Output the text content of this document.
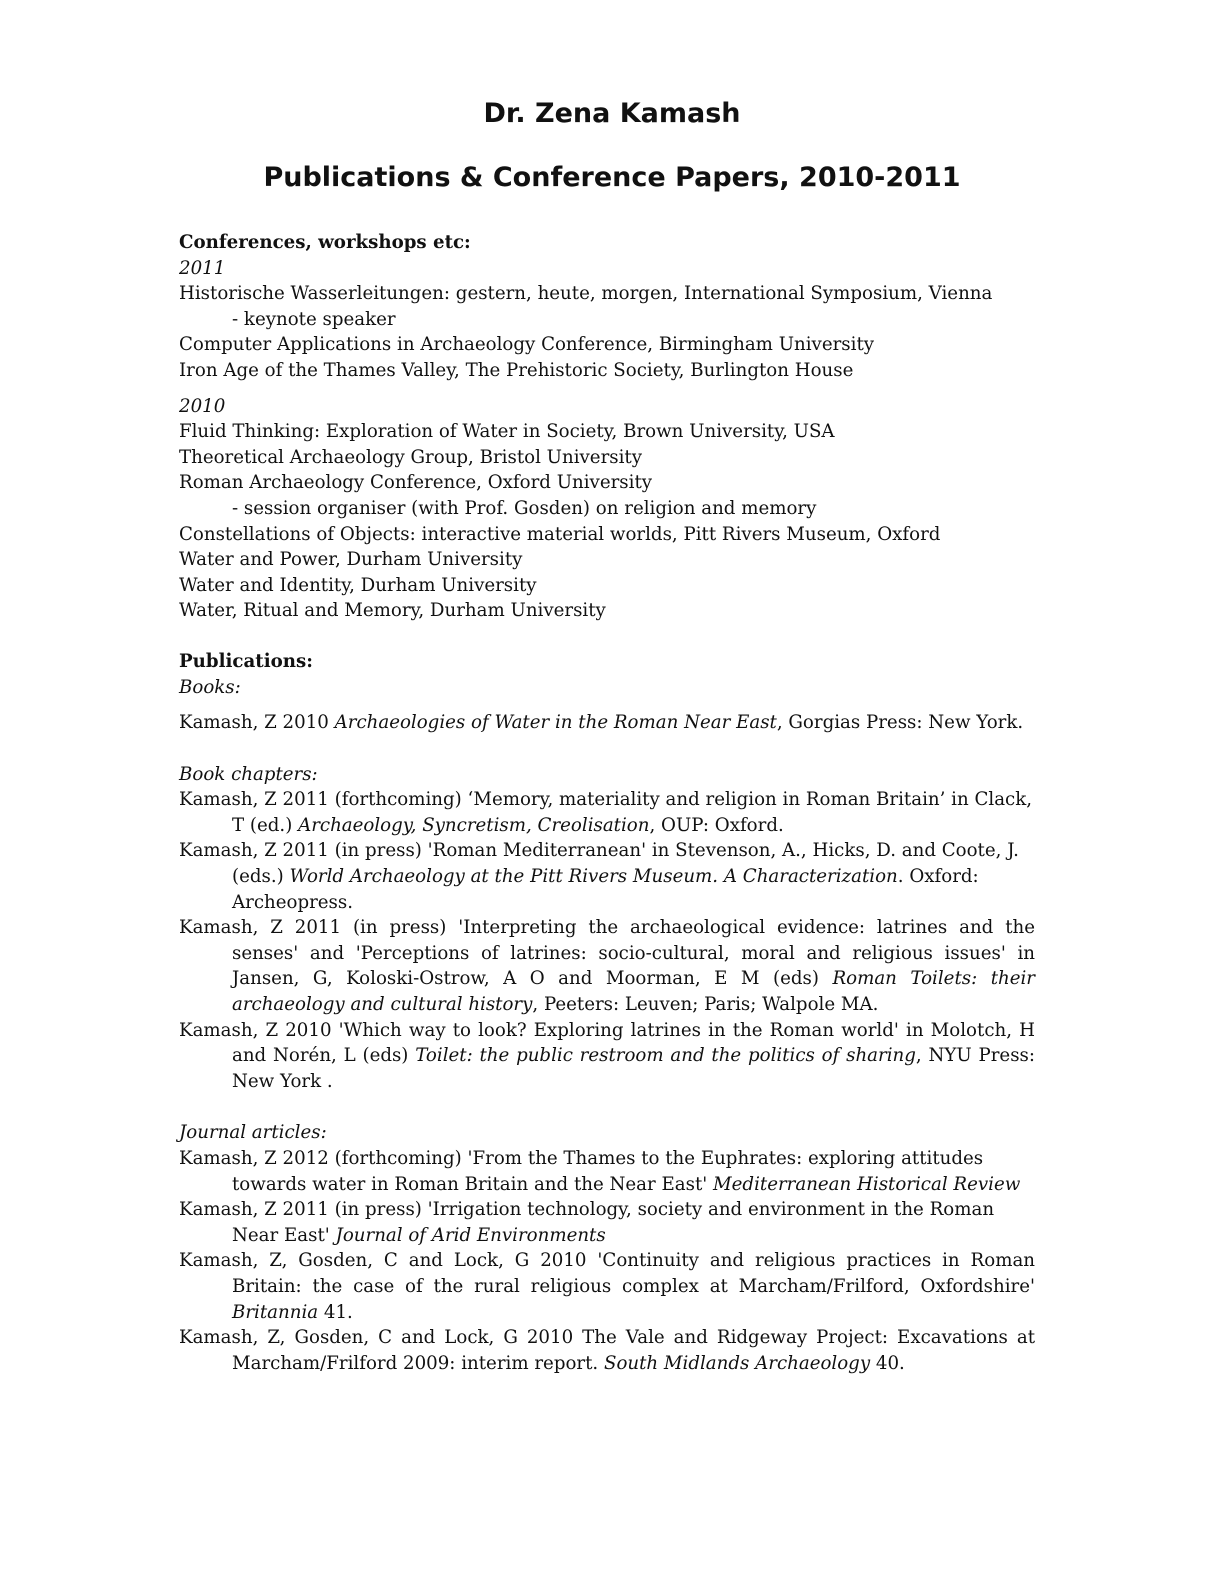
Dr. Zena Kamash
Publications & Conference Papers, 2010-2011

Conferences, workshops etc:

2011

Historische Wasserleitungen: gestern, heute, morgen, International Symposium, Vienna

- keynote speaker

Computer Applications in Archaeology Conference, Birmingham University

Iron Age of the Thames Valley, The Prehistoric Society, Burlington House

2010

Fluid Thinking: Exploration of Water in Society, Brown University, USA

Theoretical Archaeology Group, Bristol University

Roman Archaeology Conference, Oxford University

- session organiser (with Prof. Gosden) on religion and memory

Constellations of Objects: interactive material worlds, Pitt Rivers Museum, Oxford

Water and Power, Durham University

Water and Identity, Durham University

Water, Ritual and Memory, Durham University

Publications:

Books:

Kamash, Z 2010 Archaeologies of Water in the Roman Near East, Gorgias Press: New York.

Book chapters:

Kamash, Z 2011 (forthcoming) ‘Memory, materiality and religion in Roman Britain’ in Clack, T (ed.) Archaeology, Syncretism, Creolisation, OUP: Oxford.

Kamash, Z 2011 (in press) 'Roman Mediterranean' in Stevenson, A., Hicks, D. and Coote, J. (eds.) World Archaeology at the Pitt Rivers Museum. A Characterization. Oxford: Archeopress.

Kamash, Z 2011 (in press) 'Interpreting the archaeological evidence: latrines and the senses' and 'Perceptions of latrines: socio-cultural, moral and religious issues' in Jansen, G, Koloski-Ostrow, A O and Moorman, E M (eds) Roman Toilets: their archaeology and cultural history, Peeters: Leuven; Paris; Walpole MA.

Kamash, Z 2010 'Which way to look? Exploring latrines in the Roman world' in Molotch, H and Norén, L (eds) Toilet: the public restroom and the politics of sharing, NYU Press: New York .

Journal articles:

Kamash, Z 2012 (forthcoming) 'From the Thames to the Euphrates: exploring attitudes towards water in Roman Britain and the Near East' Mediterranean Historical Review

Kamash, Z 2011 (in press) 'Irrigation technology, society and environment in the Roman Near East' Journal of Arid Environments

Kamash, Z, Gosden, C and Lock, G 2010 'Continuity and religious practices in Roman Britain: the case of the rural religious complex at Marcham/Frilford, Oxfordshire' Britannia 41.

Kamash, Z, Gosden, C and Lock, G 2010 The Vale and Ridgeway Project: Excavations at Marcham/Frilford 2009: interim report. South Midlands Archaeology 40.
